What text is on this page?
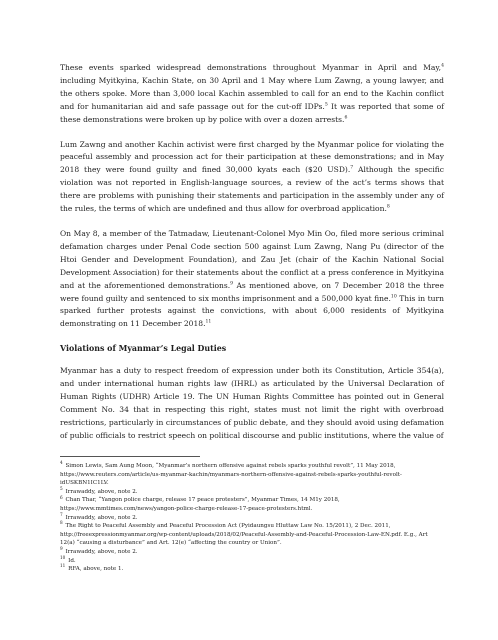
These events sparked widespread demonstrations throughout Myanmar in April and May,$^4$ including Myitkyina, Kachin State, on 30 April and 1 May where Lum Zawng, a young lawyer, and the others spoke. More than 3,000 local Kachin assembled to call for an end to the Kachin conflict and for humanitarian aid and safe passage out for the cut-off IDPs.$^5$ It was reported that some of these demonstrations were broken up by police with over a dozen arrests.$^6$

Lum Zawng and another Kachin activist were first charged by the Myanmar police for violating the peaceful assembly and procession act for their participation at these demonstrations; and in May 2018 they were found guilty and fined 30,000 kyats each ($20 USD).$^7$ Although the specific violation was not reported in English-language sources, a review of the act’s terms shows that there are problems with punishing their statements and participation in the assembly under any of the rules, the terms of which are undefined and thus allow for overbroad application.$^8$

On May 8, a member of the Tatmadaw, Lieutenant-Colonel Myo Min Oo, filed more serious criminal defamation charges under Penal Code section 500 against Lum Zawng, Nang Pu (director of the Htoi Gender and Development Foundation), and Zau Jet (chair of the Kachin National Social Development Association) for their statements about the conflict at a press conference in Myitkyina and at the aforementioned demonstrations.$^9$ As mentioned above, on 7 December 2018 the three were found guilty and sentenced to six months imprisonment and a 500,000 kyat fine.$^{10}$ This in turn sparked further protests against the convictions, with about 6,000 residents of Myitkyina demonstrating on 11 December 2018.11

Violations of Myanmar’s Legal Duties

Myanmar has a duty to respect freedom of expression under both its Constitution, Article 354(a), and under international human rights law (IHRL) as articulated by the Universal Declaration of Human Rights (UDHR) Article 19. The UN Human Rights Committee has pointed out in General Comment No. 34 that in respecting this right, states must not limit the right with overbroad restrictions, particularly in circumstances of public debate, and they should avoid using defamation of public officials to restrict speech on political discourse and public institutions, where the value of

$^4$ Simon Lewis, Sam Aung Moon, “Myanmar’s northern offensive against rebels sparks youthful revolt”, 11 May 2018, https://www.reuters.com/article/us-myanmar-kachin/myanmars-northern-offensive-against-rebels-sparks-youthful-revolt-idUSKBN1IC1LV.
$^5$ Irrawaddy, above, note 2.
$^6$ Chan Thar, “Yangon police charge, release 17 peace protesters”, Myanmar Times, 14 M1y 2018, https://www.mmtimes.com/news/yangon-police-charge-release-17-peace-protesters.html.
$^7$ Irrawaddy, above, note 2.
$^8$ The Right to Peaceful Assembly and Peaceful Procession Act (Pyidaungsu Hluttaw Law No. 15/2011), 2 Dec. 2011, http://freeexpressionmyanmar.org/wp-content/uploads/2018/02/Peaceful-Assembly-and-Peaceful-Procession-Law-EN.pdf. E.g., Art 12(a) “causing a disturbance” and Art. 12(e) “affecting the country or Union”.
$^9$ Irrawaddy, above, note 2.
$^{10}$ Id.
$^{11}$ RFA, above, note 1.
